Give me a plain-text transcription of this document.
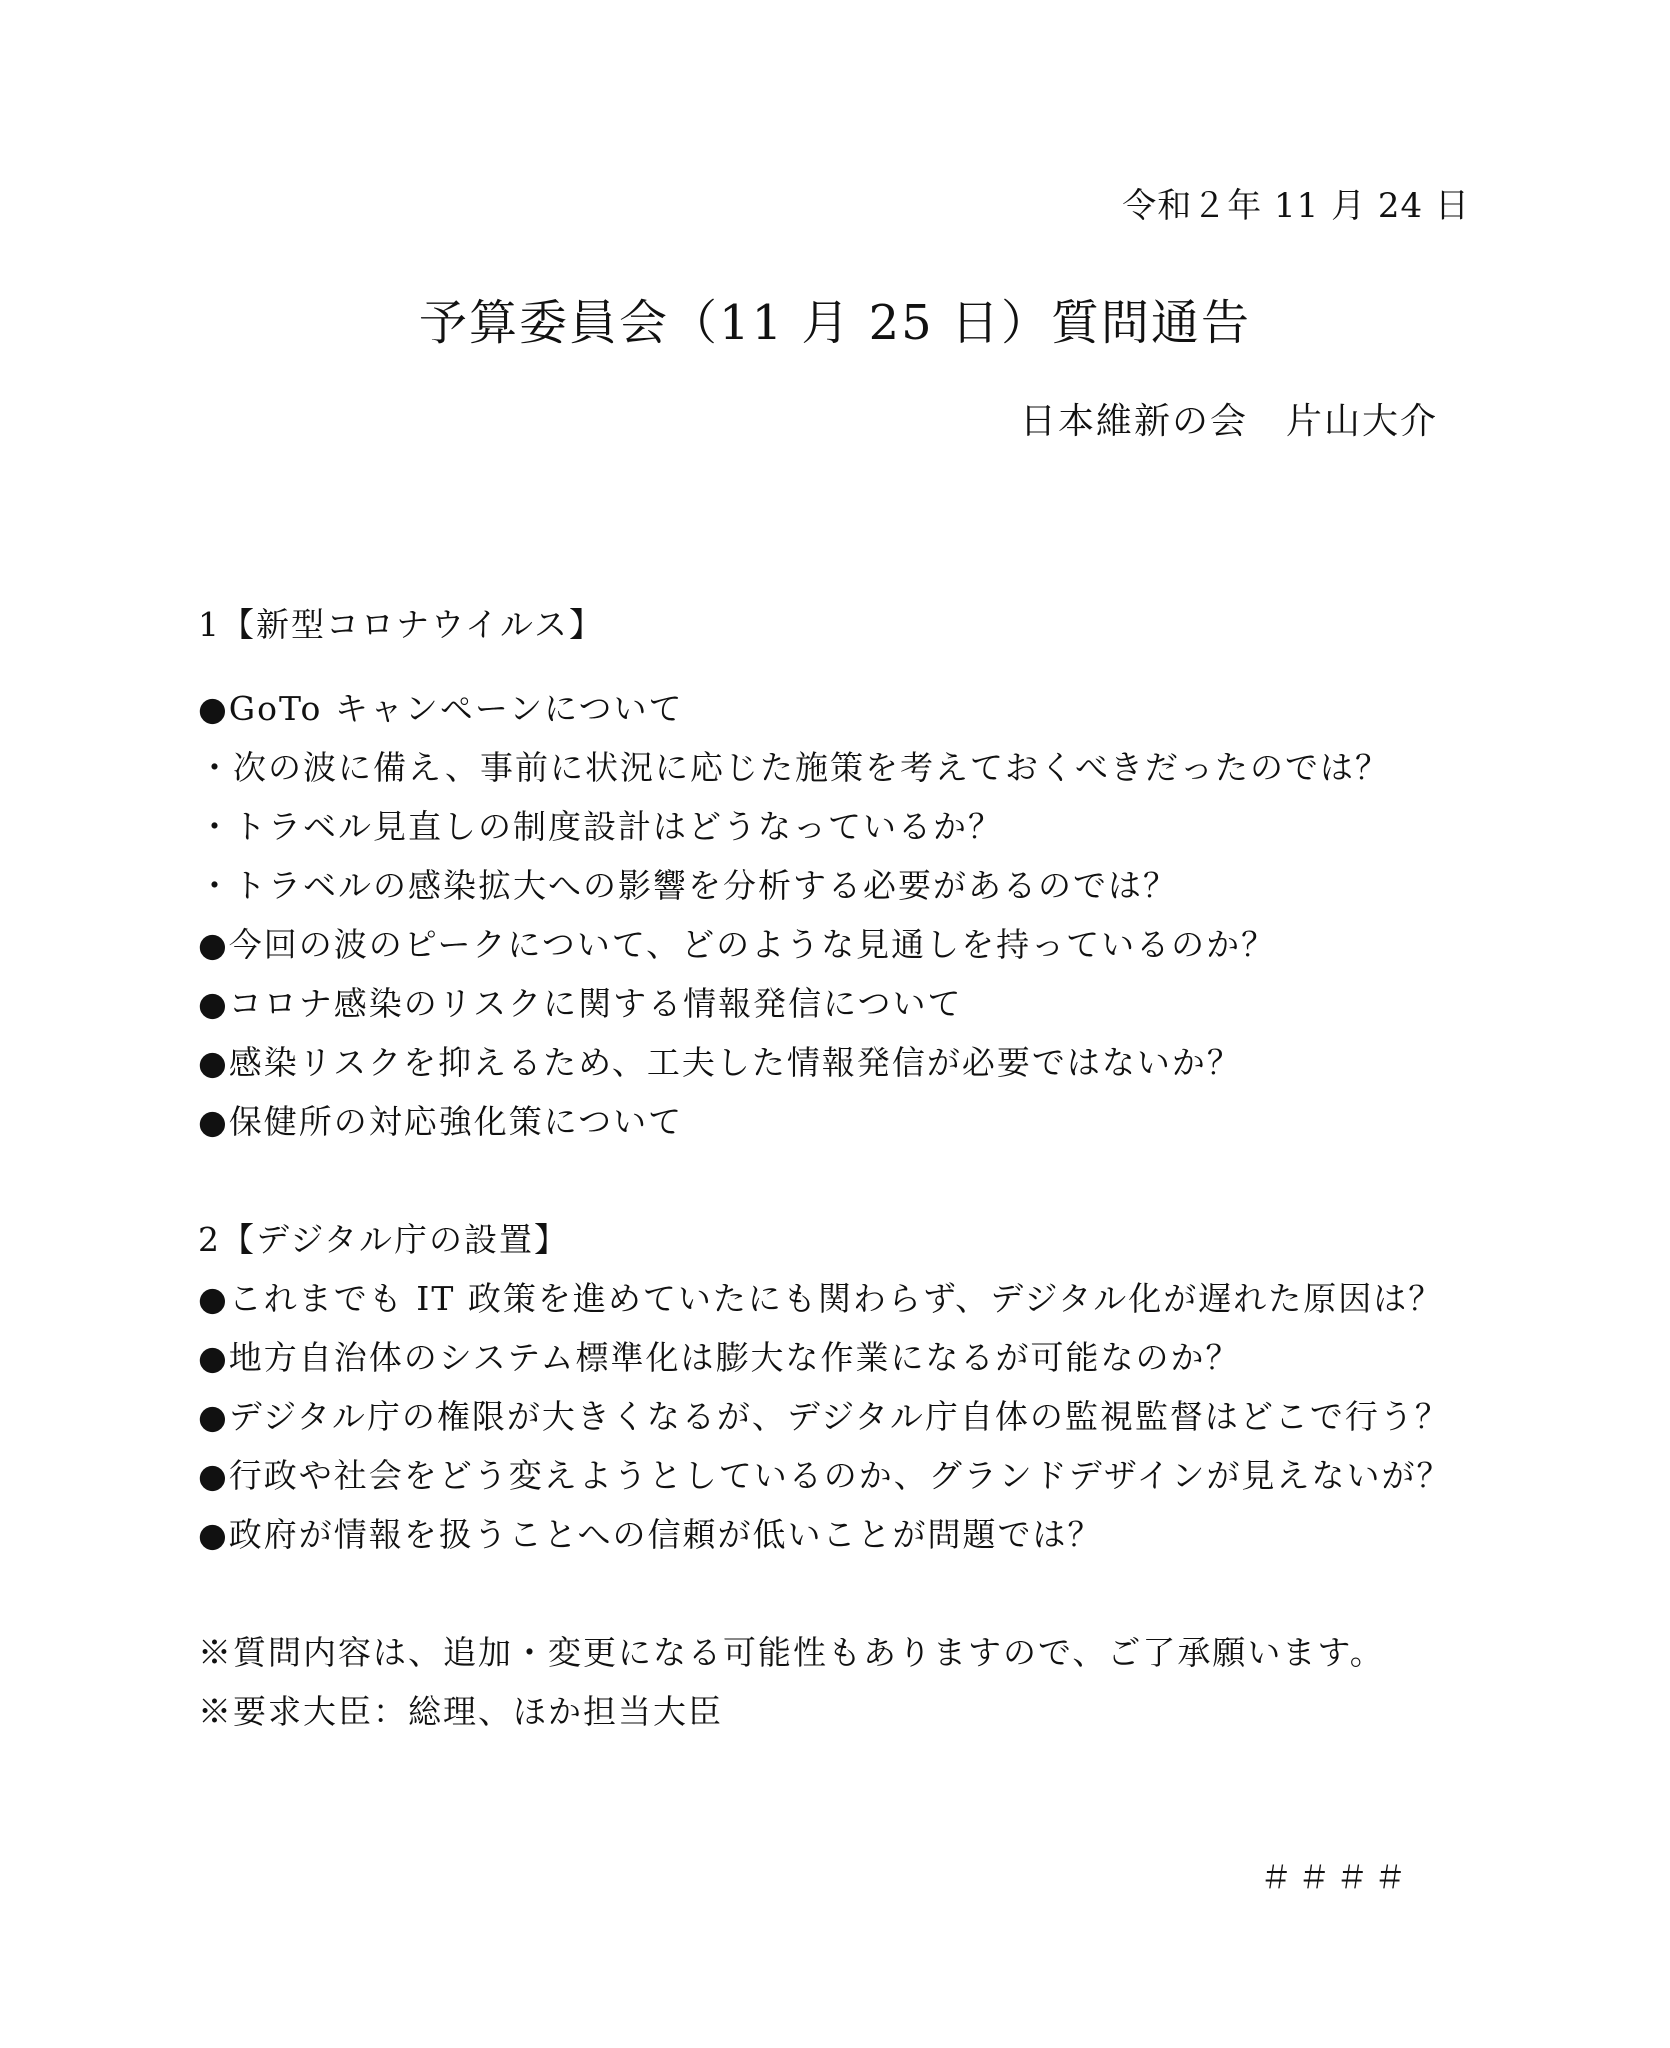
令和２年 11 月 24 日
予算委員会（11 月 25 日）質問通告
日本維新の会　片山大介
1【新型コロナウイルス】
●GoTo キャンペーンについて
・次の波に備え、事前に状況に応じた施策を考えておくべきだったのでは？
・トラベル見直しの制度設計はどうなっているか？
・トラベルの感染拡大への影響を分析する必要があるのでは？
●今回の波のピークについて、どのような見通しを持っているのか？
●コロナ感染のリスクに関する情報発信について
●感染リスクを抑えるため、工夫した情報発信が必要ではないか？
●保健所の対応強化策について
2【デジタル庁の設置】
●これまでも IT 政策を進めていたにも関わらず、デジタル化が遅れた原因は？
●地方自治体のシステム標準化は膨大な作業になるが可能なのか？
●デジタル庁の権限が大きくなるが、デジタル庁自体の監視監督はどこで行う？
●行政や社会をどう変えようとしているのか、グランドデザインが見えないが？
●政府が情報を扱うことへの信頼が低いことが問題では？
※質問内容は、追加・変更になる可能性もありますので、ご了承願います。
※要求大臣：総理、ほか担当大臣
＃＃＃＃
